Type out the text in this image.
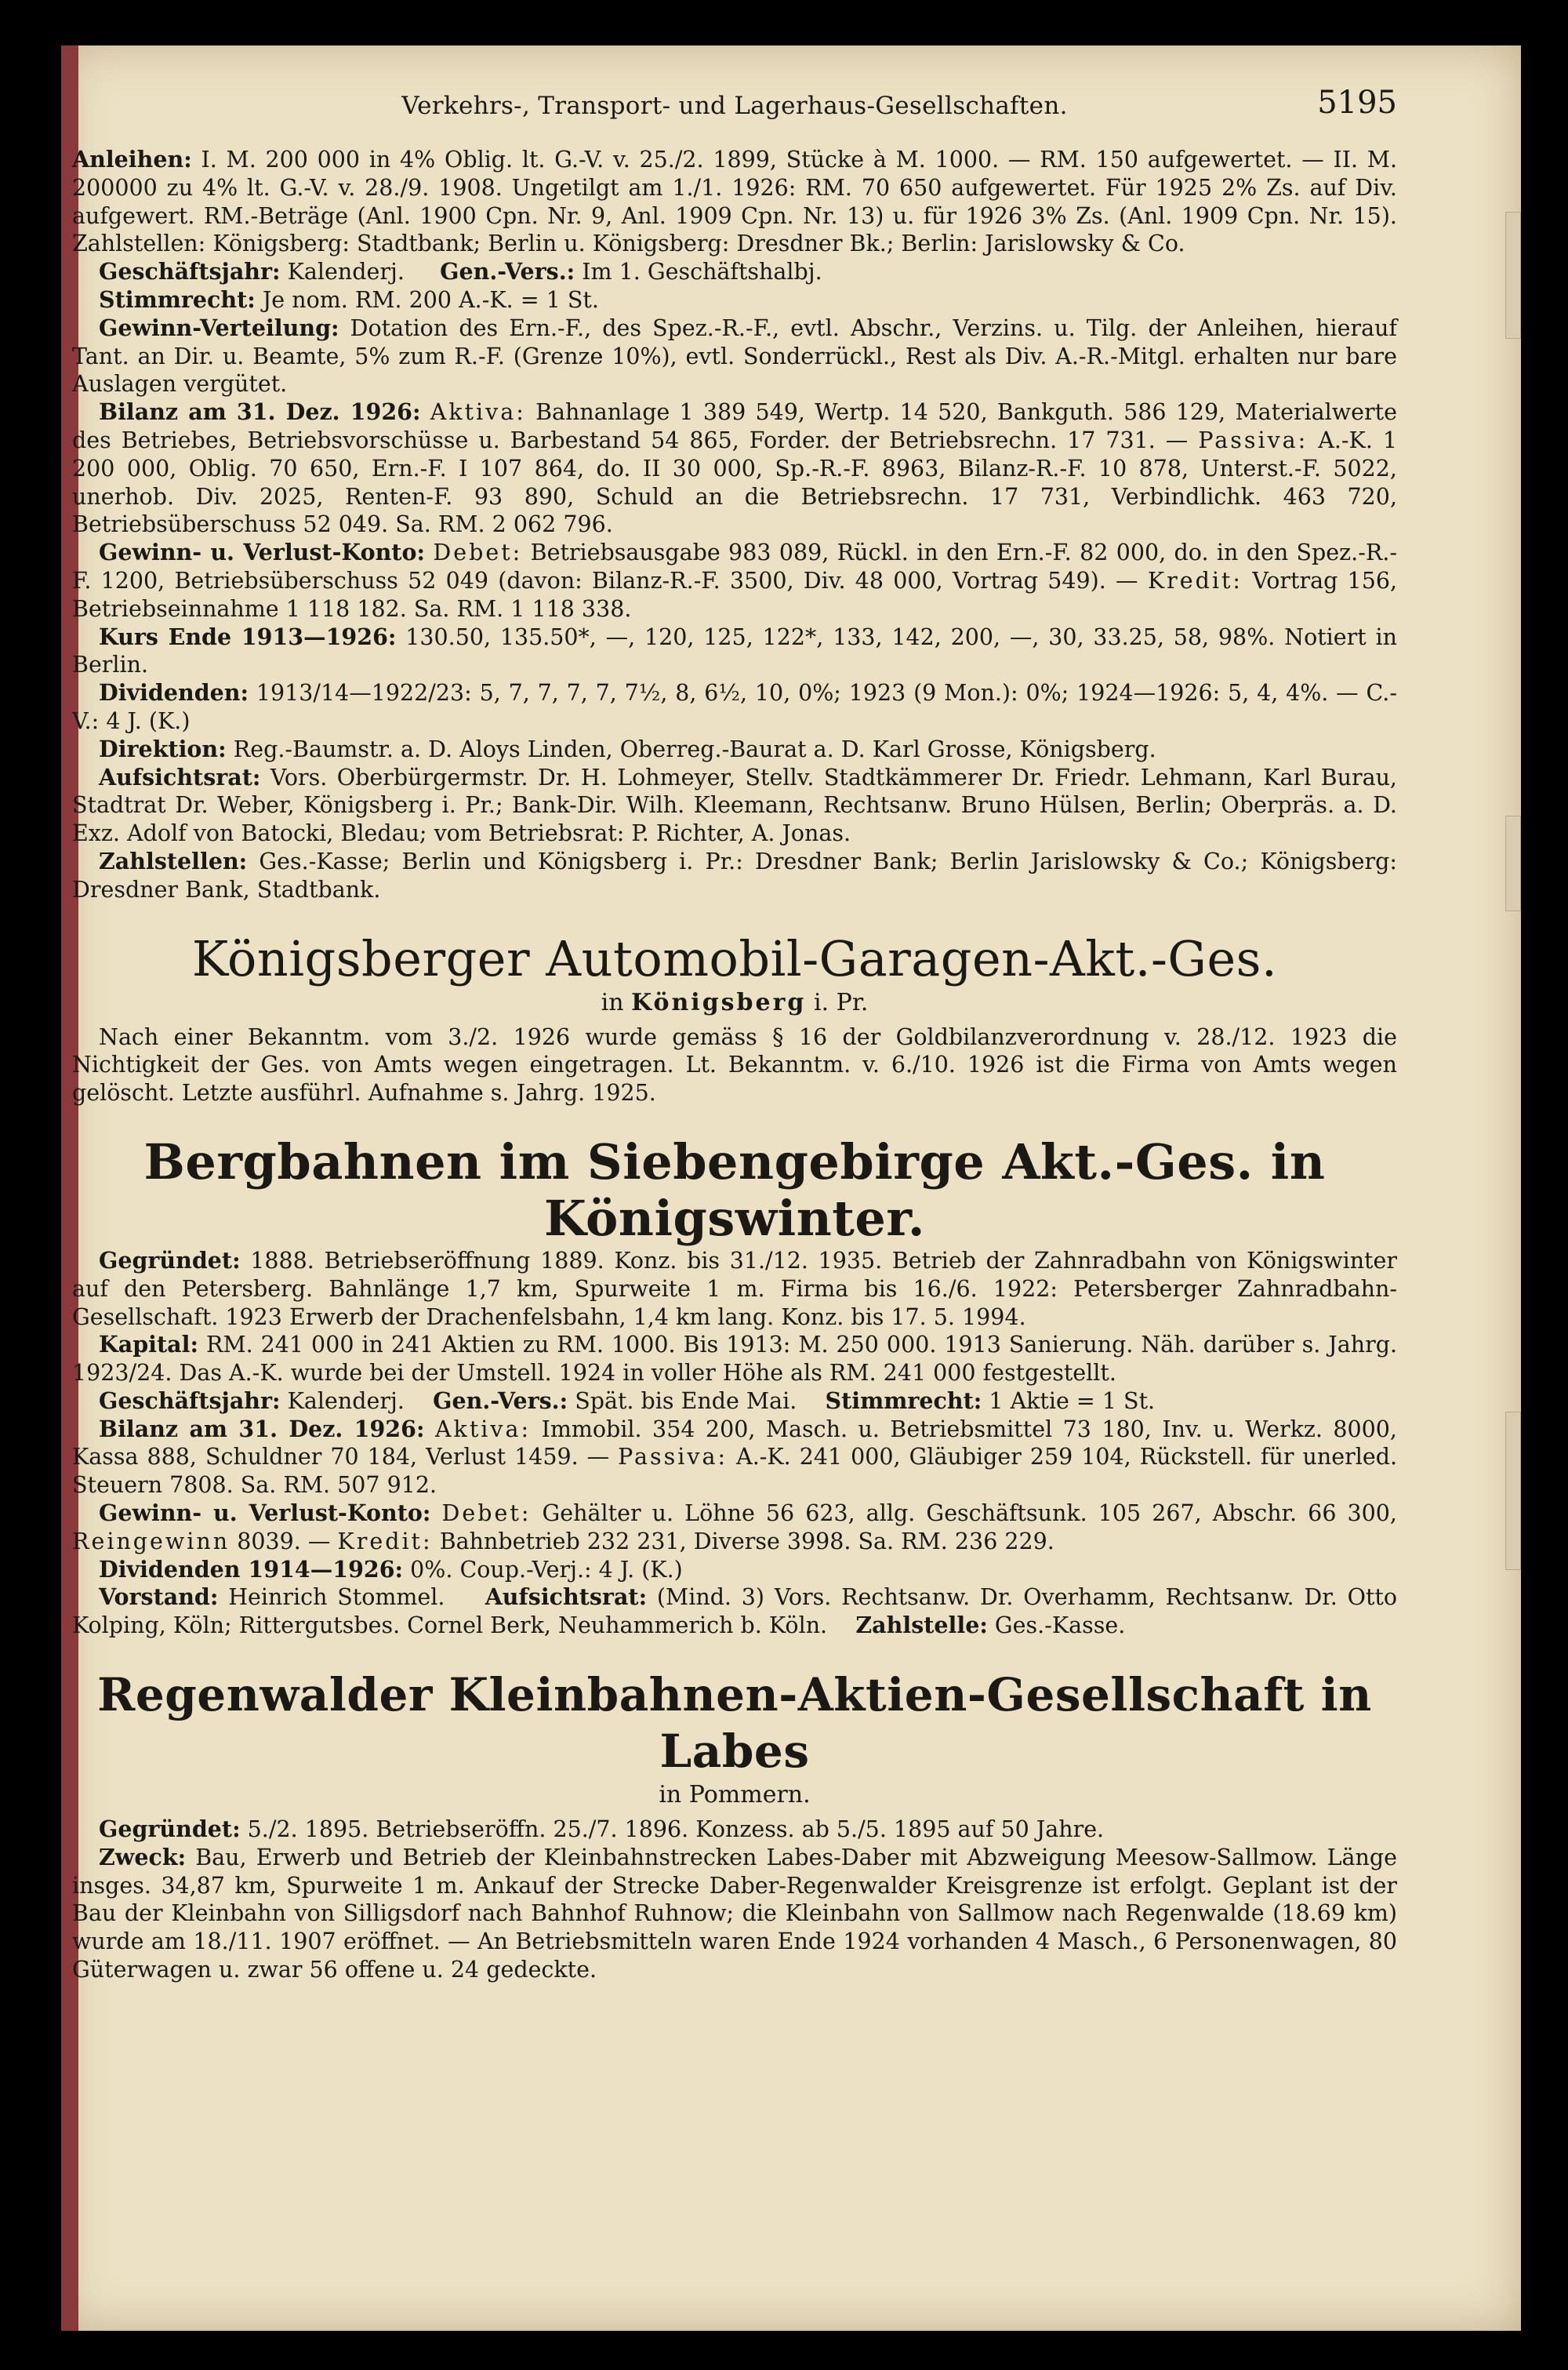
Verkehrs-, Transport- und Lagerhaus-Gesellschaften.	5195

Anleihen: I. M. 200 000 in 4% Oblig. lt. G.-V. v. 25./2. 1899, Stücke à M. 1000. — RM. 150 aufgewertet. — II. M. 200000 zu 4% lt. G.-V. v. 28./9. 1908. Ungetilgt am 1./1. 1926: RM. 70 650 aufgewertet. Für 1925 2% Zs. auf Div. aufgewert. RM.-Beträge (Anl. 1900 Cpn. Nr. 9, Anl. 1909 Cpn. Nr. 13) u. für 1926 3% Zs. (Anl. 1909 Cpn. Nr. 15). Zahlstellen: Königsberg: Stadtbank; Berlin u. Königsberg: Dresdner Bk.; Berlin: Jarislowsky & Co.

Geschäftsjahr: Kalenderj. Gen.-Vers.: Im 1. Geschäftshalbj.

Stimmrecht: Je nom. RM. 200 A.-K. = 1 St.

Gewinn-Verteilung: Dotation des Ern.-F., des Spez.-R.-F., evtl. Abschr., Verzins. u. Tilg. der Anleihen, hierauf Tant. an Dir. u. Beamte, 5% zum R.-F. (Grenze 10%), evtl. Sonderrückl., Rest als Div. A.-R.-Mitgl. erhalten nur bare Auslagen vergütet.

Bilanz am 31. Dez. 1926: Aktiva: Bahnanlage 1 389 549, Wertp. 14 520, Bankguth. 586 129, Materialwerte des Betriebes, Betriebsvorschüsse u. Barbestand 54 865, Forder. der Betriebsrechn. 17 731. — Passiva: A.-K. 1 200 000, Oblig. 70 650, Ern.-F. I 107 864, do. II 30 000, Sp.-R.-F. 8963, Bilanz-R.-F. 10 878, Unterst.-F. 5022, unerhob. Div. 2025, Renten-F. 93 890, Schuld an die Betriebsrechn. 17 731, Verbindlichk. 463 720, Betriebsüberschuss 52 049. Sa. RM. 2 062 796.

Gewinn- u. Verlust-Konto: Debet: Betriebsausgabe 983 089, Rückl. in den Ern.-F. 82 000, do. in den Spez.-R.-F. 1200, Betriebsüberschuss 52 049 (davon: Bilanz-R.-F. 3500, Div. 48 000, Vortrag 549). — Kredit: Vortrag 156, Betriebseinnahme 1 118 182. Sa. RM. 1 118 338.

Kurs Ende 1913—1926: 130.50, 135.50*, —, 120, 125, 122*, 133, 142, 200, —, 30, 33.25, 58, 98%. Notiert in Berlin.

Dividenden: 1913/14—1922/23: 5, 7, 7, 7, 7, 7½, 8, 6½, 10, 0%; 1923 (9 Mon.): 0%; 1924—1926: 5, 4, 4%. — C.-V.: 4 J. (K.)

Direktion: Reg.-Baumstr. a. D. Aloys Linden, Oberreg.-Baurat a. D. Karl Grosse, Königsberg.

Aufsichtsrat: Vors. Oberbürgermstr. Dr. H. Lohmeyer, Stellv. Stadtkämmerer Dr. Friedr. Lehmann, Karl Burau, Stadtrat Dr. Weber, Königsberg i. Pr.; Bank-Dir. Wilh. Kleemann, Rechtsanw. Bruno Hülsen, Berlin; Oberpräs. a. D. Exz. Adolf von Batocki, Bledau; vom Betriebsrat: P. Richter, A. Jonas.

Zahlstellen: Ges.-Kasse; Berlin und Königsberg i. Pr.: Dresdner Bank; Berlin Jarislowsky & Co.; Königsberg: Dresdner Bank, Stadtbank.

Königsberger Automobil-Garagen-Akt.-Ges.
in Königsberg i. Pr.

Nach einer Bekanntm. vom 3./2. 1926 wurde gemäss § 16 der Goldbilanzverordnung v. 28./12. 1923 die Nichtigkeit der Ges. von Amts wegen eingetragen. Lt. Bekanntm. v. 6./10. 1926 ist die Firma von Amts wegen gelöscht. Letzte ausführl. Aufnahme s. Jahrg. 1925.

Bergbahnen im Siebengebirge Akt.-Ges. in Königswinter.

Gegründet: 1888. Betriebseröffnung 1889. Konz. bis 31./12. 1935. Betrieb der Zahnradbahn von Königswinter auf den Petersberg. Bahnlänge 1,7 km, Spurweite 1 m. Firma bis 16./6. 1922: Petersberger Zahnradbahn-Gesellschaft. 1923 Erwerb der Drachenfelsbahn, 1,4 km lang. Konz. bis 17. 5. 1994.

Kapital: RM. 241 000 in 241 Aktien zu RM. 1000. Bis 1913: M. 250 000. 1913 Sanierung. Näh. darüber s. Jahrg. 1923/24. Das A.-K. wurde bei der Umstell. 1924 in voller Höhe als RM. 241 000 festgestellt.

Geschäftsjahr: Kalenderj. Gen.-Vers.: Spät. bis Ende Mai. Stimmrecht: 1 Aktie = 1 St.

Bilanz am 31. Dez. 1926: Aktiva: Immobil. 354 200, Masch. u. Betriebsmittel 73 180, Inv. u. Werkz. 8000, Kassa 888, Schuldner 70 184, Verlust 1459. — Passiva: A.-K. 241 000, Gläubiger 259 104, Rückstell. für unerled. Steuern 7808. Sa. RM. 507 912.

Gewinn- u. Verlust-Konto: Debet: Gehälter u. Löhne 56 623, allg. Geschäftsunk. 105 267, Abschr. 66 300, Reingewinn 8039. — Kredit: Bahnbetrieb 232 231, Diverse 3998. Sa. RM. 236 229.

Dividenden 1914—1926: 0%. Coup.-Verj.: 4 J. (K.)

Vorstand: Heinrich Stommel. Aufsichtsrat: (Mind. 3) Vors. Rechtsanw. Dr. Overhamm, Rechtsanw. Dr. Otto Kolping, Köln; Rittergutsbes. Cornel Berk, Neuhammerich b. Köln. Zahlstelle: Ges.-Kasse.

Regenwalder Kleinbahnen-Aktien-Gesellschaft in Labes
in Pommern.

Gegründet: 5./2. 1895. Betriebseröffn. 25./7. 1896. Konzess. ab 5./5. 1895 auf 50 Jahre.

Zweck: Bau, Erwerb und Betrieb der Kleinbahnstrecken Labes-Daber mit Abzweigung Meesow-Sallmow. Länge insges. 34,87 km, Spurweite 1 m. Ankauf der Strecke Daber-Regenwalder Kreisgrenze ist erfolgt. Geplant ist der Bau der Kleinbahn von Silligsdorf nach Bahnhof Ruhnow; die Kleinbahn von Sallmow nach Regenwalde (18.69 km) wurde am 18./11. 1907 eröffnet. — An Betriebsmitteln waren Ende 1924 vorhanden 4 Masch., 6 Personenwagen, 80 Güterwagen u. zwar 56 offene u. 24 gedeckte.
